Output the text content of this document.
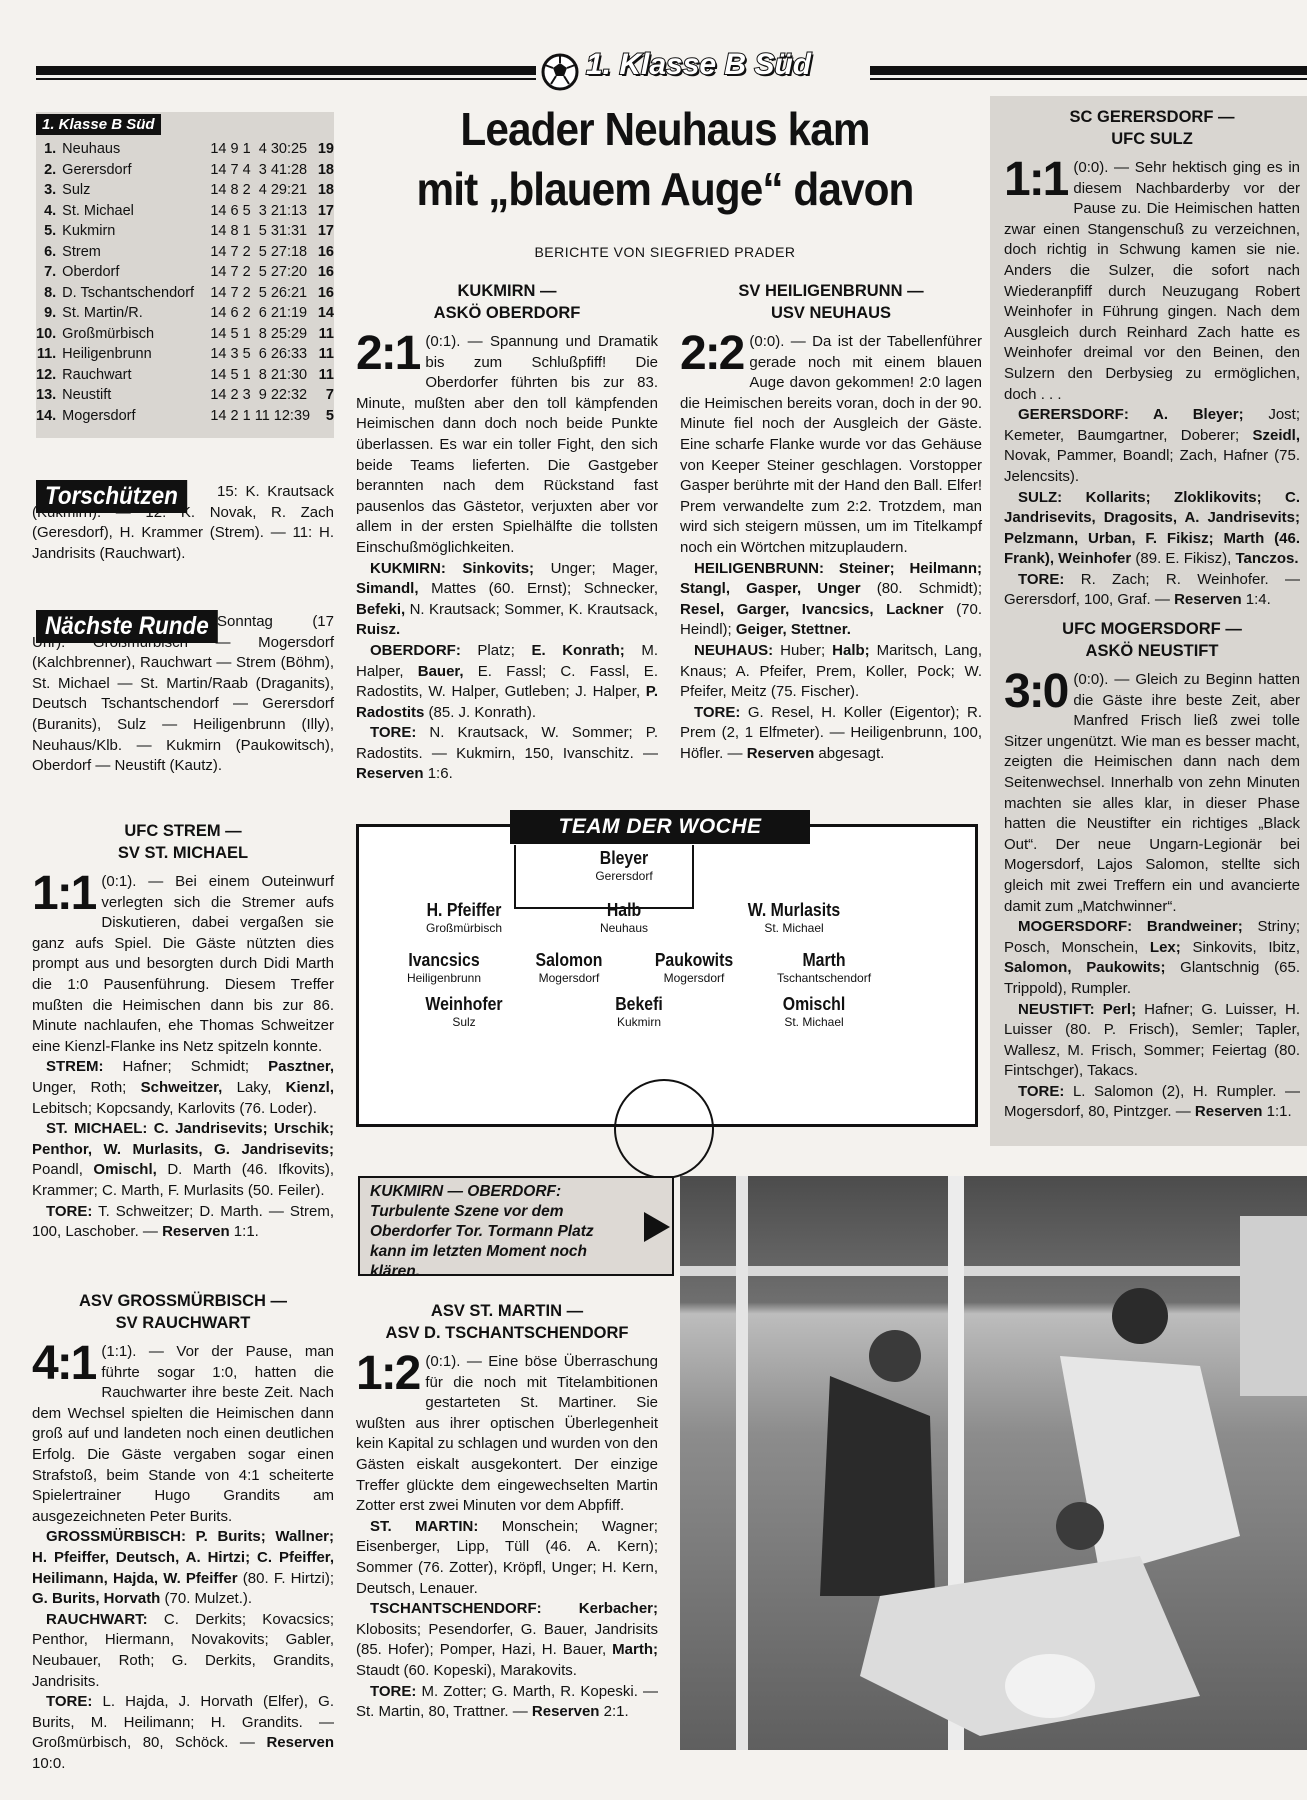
1. Klasse B Süd
1. Klasse B Süd
1.	Neuhaus	14 9 1  4 30:25	19
2.	Gerersdorf	14 7 4  3 41:28	18
3.	Sulz	14 8 2  4 29:21	18
4.	St. Michael	14 6 5  3 21:13	17
5.	Kukmirn	14 8 1  5 31:31	17
6.	Strem	14 7 2  5 27:18	16
7.	Oberdorf	14 7 2  5 27:20	16
8.	D. Tschantschendorf	14 7 2  5 26:21	16
9.	St. Martin/R.	14 6 2  6 21:19	14
10.	Großmürbisch	14 5 1  8 25:29	11
11.	Heiligenbrunn	14 3 5  6 26:33	11
12.	Rauchwart	14 5 1  8 21:30	11
13.	Neustift	14 2 3  9 22:32	7
14.	Mogersdorf	14 2 1 11 12:39	5
Torschützen	15: K. Krautsack (Kukmirn). — 12: K. Novak, R. Zach (Geresdorf), H. Krammer (Strem). — 11: H. Jandrisits (Rauchwart).
Nächste Runde Sonntag (17 Uhr): Großmürbisch — Mogersdorf (Kalchbrenner), Rauchwart — Strem (Böhm), St. Michael — St. Martin/Raab (Draganits), Deutsch Tschantschendorf — Gerersdorf (Buranits), Sulz — Heiligenbrunn (Illy), Neuhaus/Klb. — Kukmirn (Paukowitsch), Oberdorf — Neustift (Kautz).
UFC STREM —
SV ST. MICHAEL
1:1 (0:1). — Bei einem Outeinwurf verlegten sich die Stremer aufs Diskutieren, dabei vergaßen sie ganz aufs Spiel. Die Gäste nützten dies prompt aus und besorgten durch Didi Marth die 1:0 Pausenführung. Diesem Treffer mußten die Heimischen dann bis zur 86. Minute nachlaufen, ehe Thomas Schweitzer eine Kienzl-Flanke ins Netz spitzeln konnte.

STREM: Hafner; Schmidt; Pasztner, Unger, Roth; Schweitzer, Laky, Kienzl, Lebitsch; Kopcsandy, Karlovits (76. Loder).

ST. MICHAEL: C. Jandrisevits; Urschik; Penthor, W. Murlasits, G. Jandrisevits; Poandl, Omischl, D. Marth (46. Ifkovits), Krammer; C. Marth, F. Murlasits (50. Feiler).

TORE: T. Schweitzer; D. Marth. — Strem, 100, Laschober. — Reserven 1:1.

ASV GROSSMÜRBISCH —
SV RAUCHWART
4:1 (1:1). — Vor der Pause, man führte sogar 1:0, hatten die Rauchwarter ihre beste Zeit. Nach dem Wechsel spielten die Heimischen dann groß auf und landeten noch einen deutlichen Erfolg. Die Gäste vergaben sogar einen Strafstoß, beim Stande von 4:1 scheiterte Spielertrainer Hugo Grandits am ausgezeichneten Peter Burits.

GROSSMÜRBISCH: P. Burits; Wallner; H. Pfeiffer, Deutsch, A. Hirtzi; C. Pfeiffer, Heilimann, Hajda, W. Pfeiffer (80. F. Hirtzi); G. Burits, Horvath (70. Mulzet.).

RAUCHWART: C. Derkits; Kovacsics; Penthor, Hiermann, Novakovits; Gabler, Neubauer, Roth; G. Derkits, Grandits, Jandrisits.

TORE: L. Hajda, J. Horvath (Elfer), G. Burits, M. Heilimann; H. Grandits. — Großmürbisch, 80, Schöck. — Reserven 10:0.

Leader Neuhaus kam
mit „blauem Auge“ davon
BERICHTE VON SIEGFRIED PRADER
KUKMIRN —
ASKÖ OBERDORF
2:1 (0:1). — Spannung und Dramatik bis zum Schlußpfiff! Die Oberdorfer führten bis zur 83. Minute, mußten aber den toll kämpfenden Heimischen dann doch noch beide Punkte überlassen. Es war ein toller Fight, den sich beide Teams lieferten. Die Gastgeber berannten nach dem Rückstand fast pausenlos das Gästetor, verjuxten aber vor allem in der ersten Spielhälfte die tollsten Einschußmöglichkeiten.

KUKMIRN: Sinkovits; Unger; Mager, Simandl, Mattes (60. Ernst); Schnecker, Befeki, N. Krautsack; Sommer, K. Krautsack, Ruisz.

OBERDORF: Platz; E. Konrath; M. Halper, Bauer, E. Fassl; C. Fassl, E. Radostits, W. Halper, Gutleben; J. Halper, P. Radostits (85. J. Konrath).

TORE: N. Krautsack, W. Sommer; P. Radostits. — Kukmirn, 150, Ivanschitz. — Reserven 1:6.

SV HEILIGENBRUNN —
USV NEUHAUS
2:2 (0:0). — Da ist der Tabellenführer gerade noch mit einem blauen Auge davon gekommen! 2:0 lagen die Heimischen bereits voran, doch in der 90. Minute fiel noch der Ausgleich der Gäste. Eine scharfe Flanke wurde vor das Gehäuse von Keeper Steiner geschlagen. Vorstopper Gasper berührte mit der Hand den Ball. Elfer! Prem verwandelte zum 2:2. Trotzdem, man wird sich steigern müssen, um im Titelkampf noch ein Wörtchen mitzuplaudern.

HEILIGENBRUNN: Steiner; Heilmann; Stangl, Gasper, Unger (80. Schmidt); Resel, Garger, Ivancsics, Lackner (70. Heindl); Geiger, Stettner.

NEUHAUS: Huber; Halb; Maritsch, Lang, Knaus; A. Pfeifer, Prem, Koller, Pock; W. Pfeifer, Meitz (75. Fischer).

TORE: G. Resel, H. Koller (Eigentor); R. Prem (2, 1 Elfmeter). — Heiligenbrunn, 100, Höfler. — Reserven abgesagt.

Bleyer
Gerersdorf
H. Pfeiffer
Großmürbisch
Halb
Neuhaus
W. Murlasits
St. Michael
Ivancsics
Heiligenbrunn
Salomon
Mogersdorf
Paukowits
Mogersdorf
Marth
Tschantschendorf
Weinhofer
Sulz
Bekefi
Kukmirn
Omischl
St. Michael
TEAM DER WOCHE
KUKMIRN — OBERDORF: Turbulente Szene vor dem Oberdorfer Tor. Tormann Platz kann im letzten Moment noch klären.
ASV ST. MARTIN —
ASV D. TSCHANTSCHENDORF
1:2 (0:1). — Eine böse Überraschung für die noch mit Titelambitionen gestarteten St. Martiner. Sie wußten aus ihrer optischen Überlegenheit kein Kapital zu schlagen und wurden von den Gästen eiskalt ausgekontert. Der einzige Treffer glückte dem eingewechselten Martin Zotter erst zwei Minuten vor dem Abpfiff.

ST. MARTIN: Monschein; Wagner; Eisenberger, Lipp, Tüll (46. A. Kern); Sommer (76. Zotter), Kröpfl, Unger; H. Kern, Deutsch, Lenauer.

TSCHANTSCHENDORF: Kerbacher; Klobosits; Pesendorfer, G. Bauer, Jandrisits (85. Hofer); Pomper, Hazi, H. Bauer, Marth; Staudt (60. Kopeski), Marakovits.

TORE: M. Zotter; G. Marth, R. Kopeski. — St. Martin, 80, Trattner. — Reserven 2:1.

SC GERERSDORF —
UFC SULZ
1:1 (0:0). — Sehr hektisch ging es in diesem Nachbarderby vor der Pause zu. Die Heimischen hatten zwar einen Stangenschuß zu verzeichnen, doch richtig in Schwung kamen sie nie. Anders die Sulzer, die sofort nach Wiederanpfiff durch Neuzugang Robert Weinhofer in Führung gingen. Nach dem Ausgleich durch Reinhard Zach hatte es Weinhofer dreimal vor den Beinen, den Sulzern den Derbysieg zu ermöglichen, doch . . .

GERERSDORF: A. Bleyer; Jost; Kemeter, Baumgartner, Doberer; Szeidl, Novak, Pammer, Boandl; Zach, Hafner (75. Jelencsits).

SULZ: Kollarits; Zloklikovits; C. Jandrisevits, Dragosits, A. Jandrisevits; Pelzmann, Urban, F. Fikisz; Marth (46. Frank), Weinhofer (89. E. Fikisz), Tanczos.

TORE: R. Zach; R. Weinhofer. — Gerersdorf, 100, Graf. — Reserven 1:4.

UFC MOGERSDORF —
ASKÖ NEUSTIFT
3:0 (0:0). — Gleich zu Beginn hatten die Gäste ihre beste Zeit, aber Manfred Frisch ließ zwei tolle Sitzer ungenützt. Wie man es besser macht, zeigten die Heimischen dann nach dem Seitenwechsel. Innerhalb von zehn Minuten machten sie alles klar, in dieser Phase hatten die Neustifter ein richtiges „Black Out“. Der neue Ungarn-Legionär bei Mogersdorf, Lajos Salomon, stellte sich gleich mit zwei Treffern ein und avancierte damit zum „Matchwinner“.

MOGERSDORF: Brandweiner; Striny; Posch, Monschein, Lex; Sinkovits, Ibitz, Salomon, Paukowits; Glantschnig (65. Trippold), Rumpler.

NEUSTIFT: Perl; Hafner; G. Luisser, H. Luisser (80. P. Frisch), Semler; Tapler, Wallesz, M. Frisch, Sommer; Feiertag (80. Fintschger), Takacs.

TORE: L. Salomon (2), H. Rumpler. — Mogersdorf, 80, Pintzger. — Reserven 1:1.
